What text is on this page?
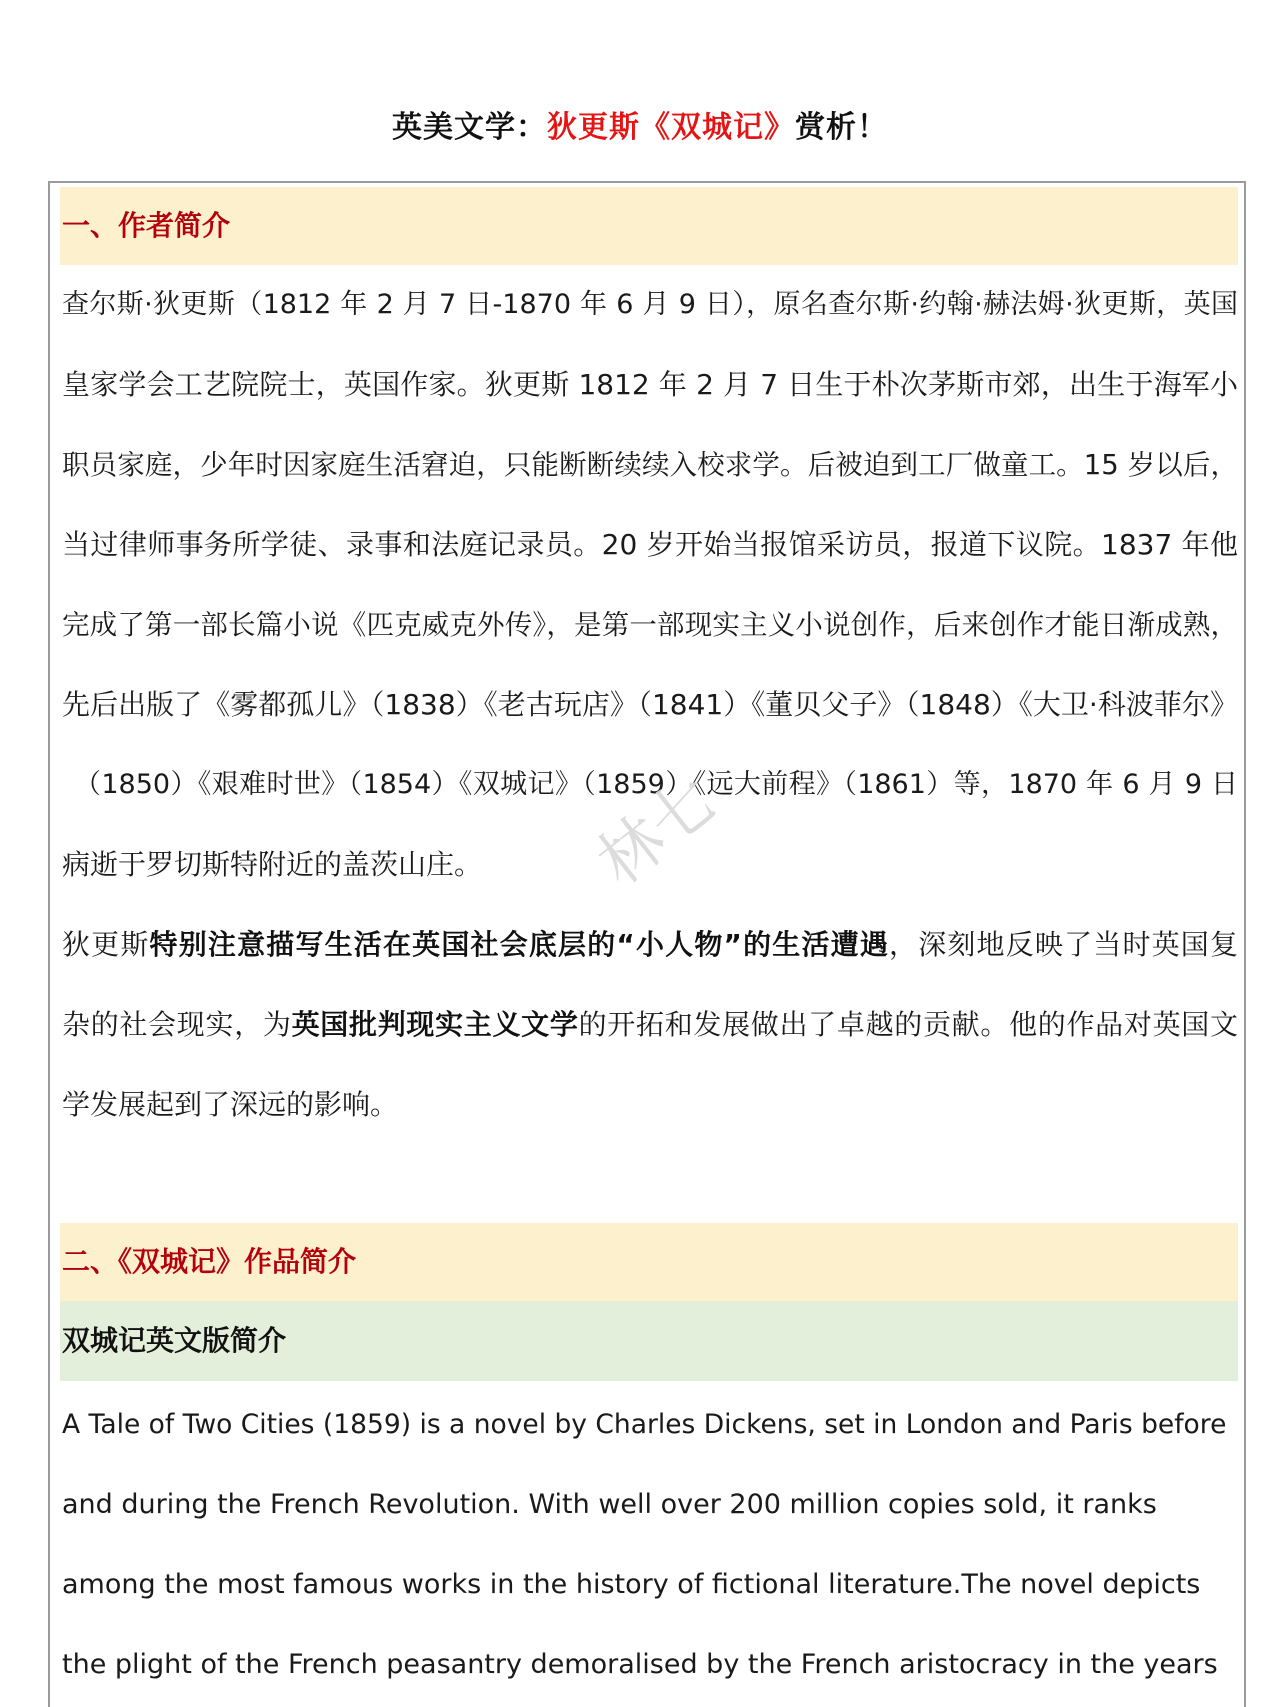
英美文学：狄更斯《双城记》赏析！
一、作者简介
查尔斯·狄更斯（1812 年 2 月 7 日-1870 年 6 月 9 日），原名查尔斯·约翰·赫法姆·狄更斯，英国
皇家学会工艺院院士，英国作家。狄更斯 1812 年 2 月 7 日生于朴次茅斯市郊，出生于海军小
职员家庭，少年时因家庭生活窘迫，只能断断续续入校求学。后被迫到工厂做童工。15 岁以后，
当过律师事务所学徒、录事和法庭记录员。20 岁开始当报馆采访员，报道下议院。1837 年他
完成了第一部长篇小说《匹克威克外传》，是第一部现实主义小说创作，后来创作才能日渐成熟，
先后出版了《雾都孤儿》（1838）《老古玩店》（1841）《董贝父子》（1848）《大卫·科波菲尔》
（1850）《艰难时世》（1854）《双城记》（1859）《远大前程》（1861）等，1870 年 6 月 9 日
病逝于罗切斯特附近的盖茨山庄。
狄更斯特别注意描写生活在英国社会底层的“小人物”的生活遭遇，深刻地反映了当时英国复
杂的社会现实，为英国批判现实主义文学的开拓和发展做出了卓越的贡献。他的作品对英国文
学发展起到了深远的影响。
二、《双城记》作品简介
双城记英文版简介
A Tale of Two Cities (1859) is a novel by Charles Dickens, set in London and Paris before
and during the French Revolution. With well over 200 million copies sold, it ranks
among the most famous works in the history of fictional literature.The novel depicts
the plight of the French peasantry demoralised by the French aristocracy in the years
林七
